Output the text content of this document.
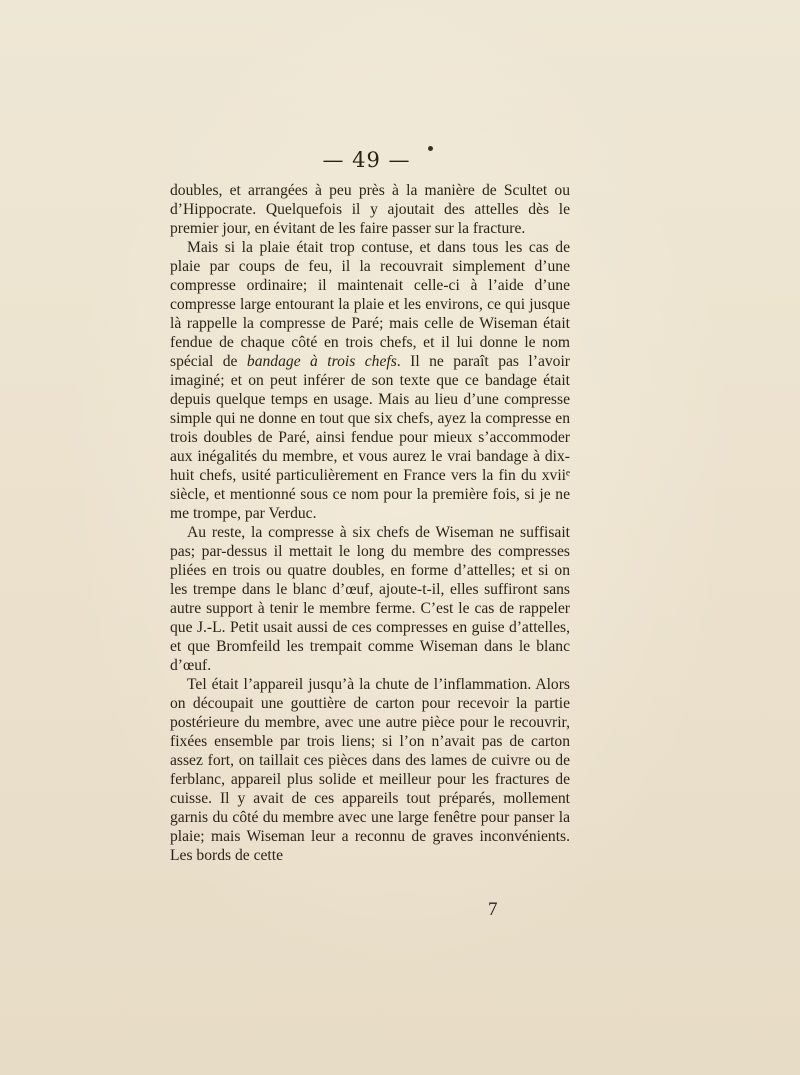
— 49 —

doubles, et arrangées à peu près à la manière de Scultet ou d’Hippocrate. Quelquefois il y ajoutait des attelles dès le premier jour, en évitant de les faire passer sur la fracture.

Mais si la plaie était trop contuse, et dans tous les cas de plaie par coups de feu, il la recouvrait simplement d’une compresse ordinaire; il maintenait celle-ci à l’aide d’une compresse large entourant la plaie et les environs, ce qui jusque là rappelle la compresse de Paré; mais celle de Wiseman était fendue de chaque côté en trois chefs, et il lui donne le nom spécial de bandage à trois chefs. Il ne paraît pas l’avoir imaginé; et on peut inférer de son texte que ce bandage était depuis quelque temps en usage. Mais au lieu d’une compresse simple qui ne donne en tout que six chefs, ayez la compresse en trois doubles de Paré, ainsi fendue pour mieux s’accommoder aux inégalités du membre, et vous aurez le vrai bandage à dix-huit chefs, usité particulièrement en France vers la fin du xviiᵉ siècle, et mentionné sous ce nom pour la première fois, si je ne me trompe, par Verduc.

Au reste, la compresse à six chefs de Wiseman ne suffisait pas; par-dessus il mettait le long du membre des compresses pliées en trois ou quatre doubles, en forme d’attelles; et si on les trempe dans le blanc d’œuf, ajoute-t-il, elles suffiront sans autre support à tenir le membre ferme. C’est le cas de rappeler que J.-L. Petit usait aussi de ces compresses en guise d’attelles, et que Bromfeild les trempait comme Wiseman dans le blanc d’œuf.

Tel était l’appareil jusqu’à la chute de l’inflammation. Alors on découpait une gouttière de carton pour recevoir la partie postérieure du membre, avec une autre pièce pour le recouvrir, fixées ensemble par trois liens; si l’on n’avait pas de carton assez fort, on taillait ces pièces dans des lames de cuivre ou de ferblanc, appareil plus solide et meilleur pour les fractures de cuisse. Il y avait de ces appareils tout préparés, mollement garnis du côté du membre avec une large fenêtre pour panser la plaie; mais Wiseman leur a reconnu de graves inconvénients. Les bords de cette

7
